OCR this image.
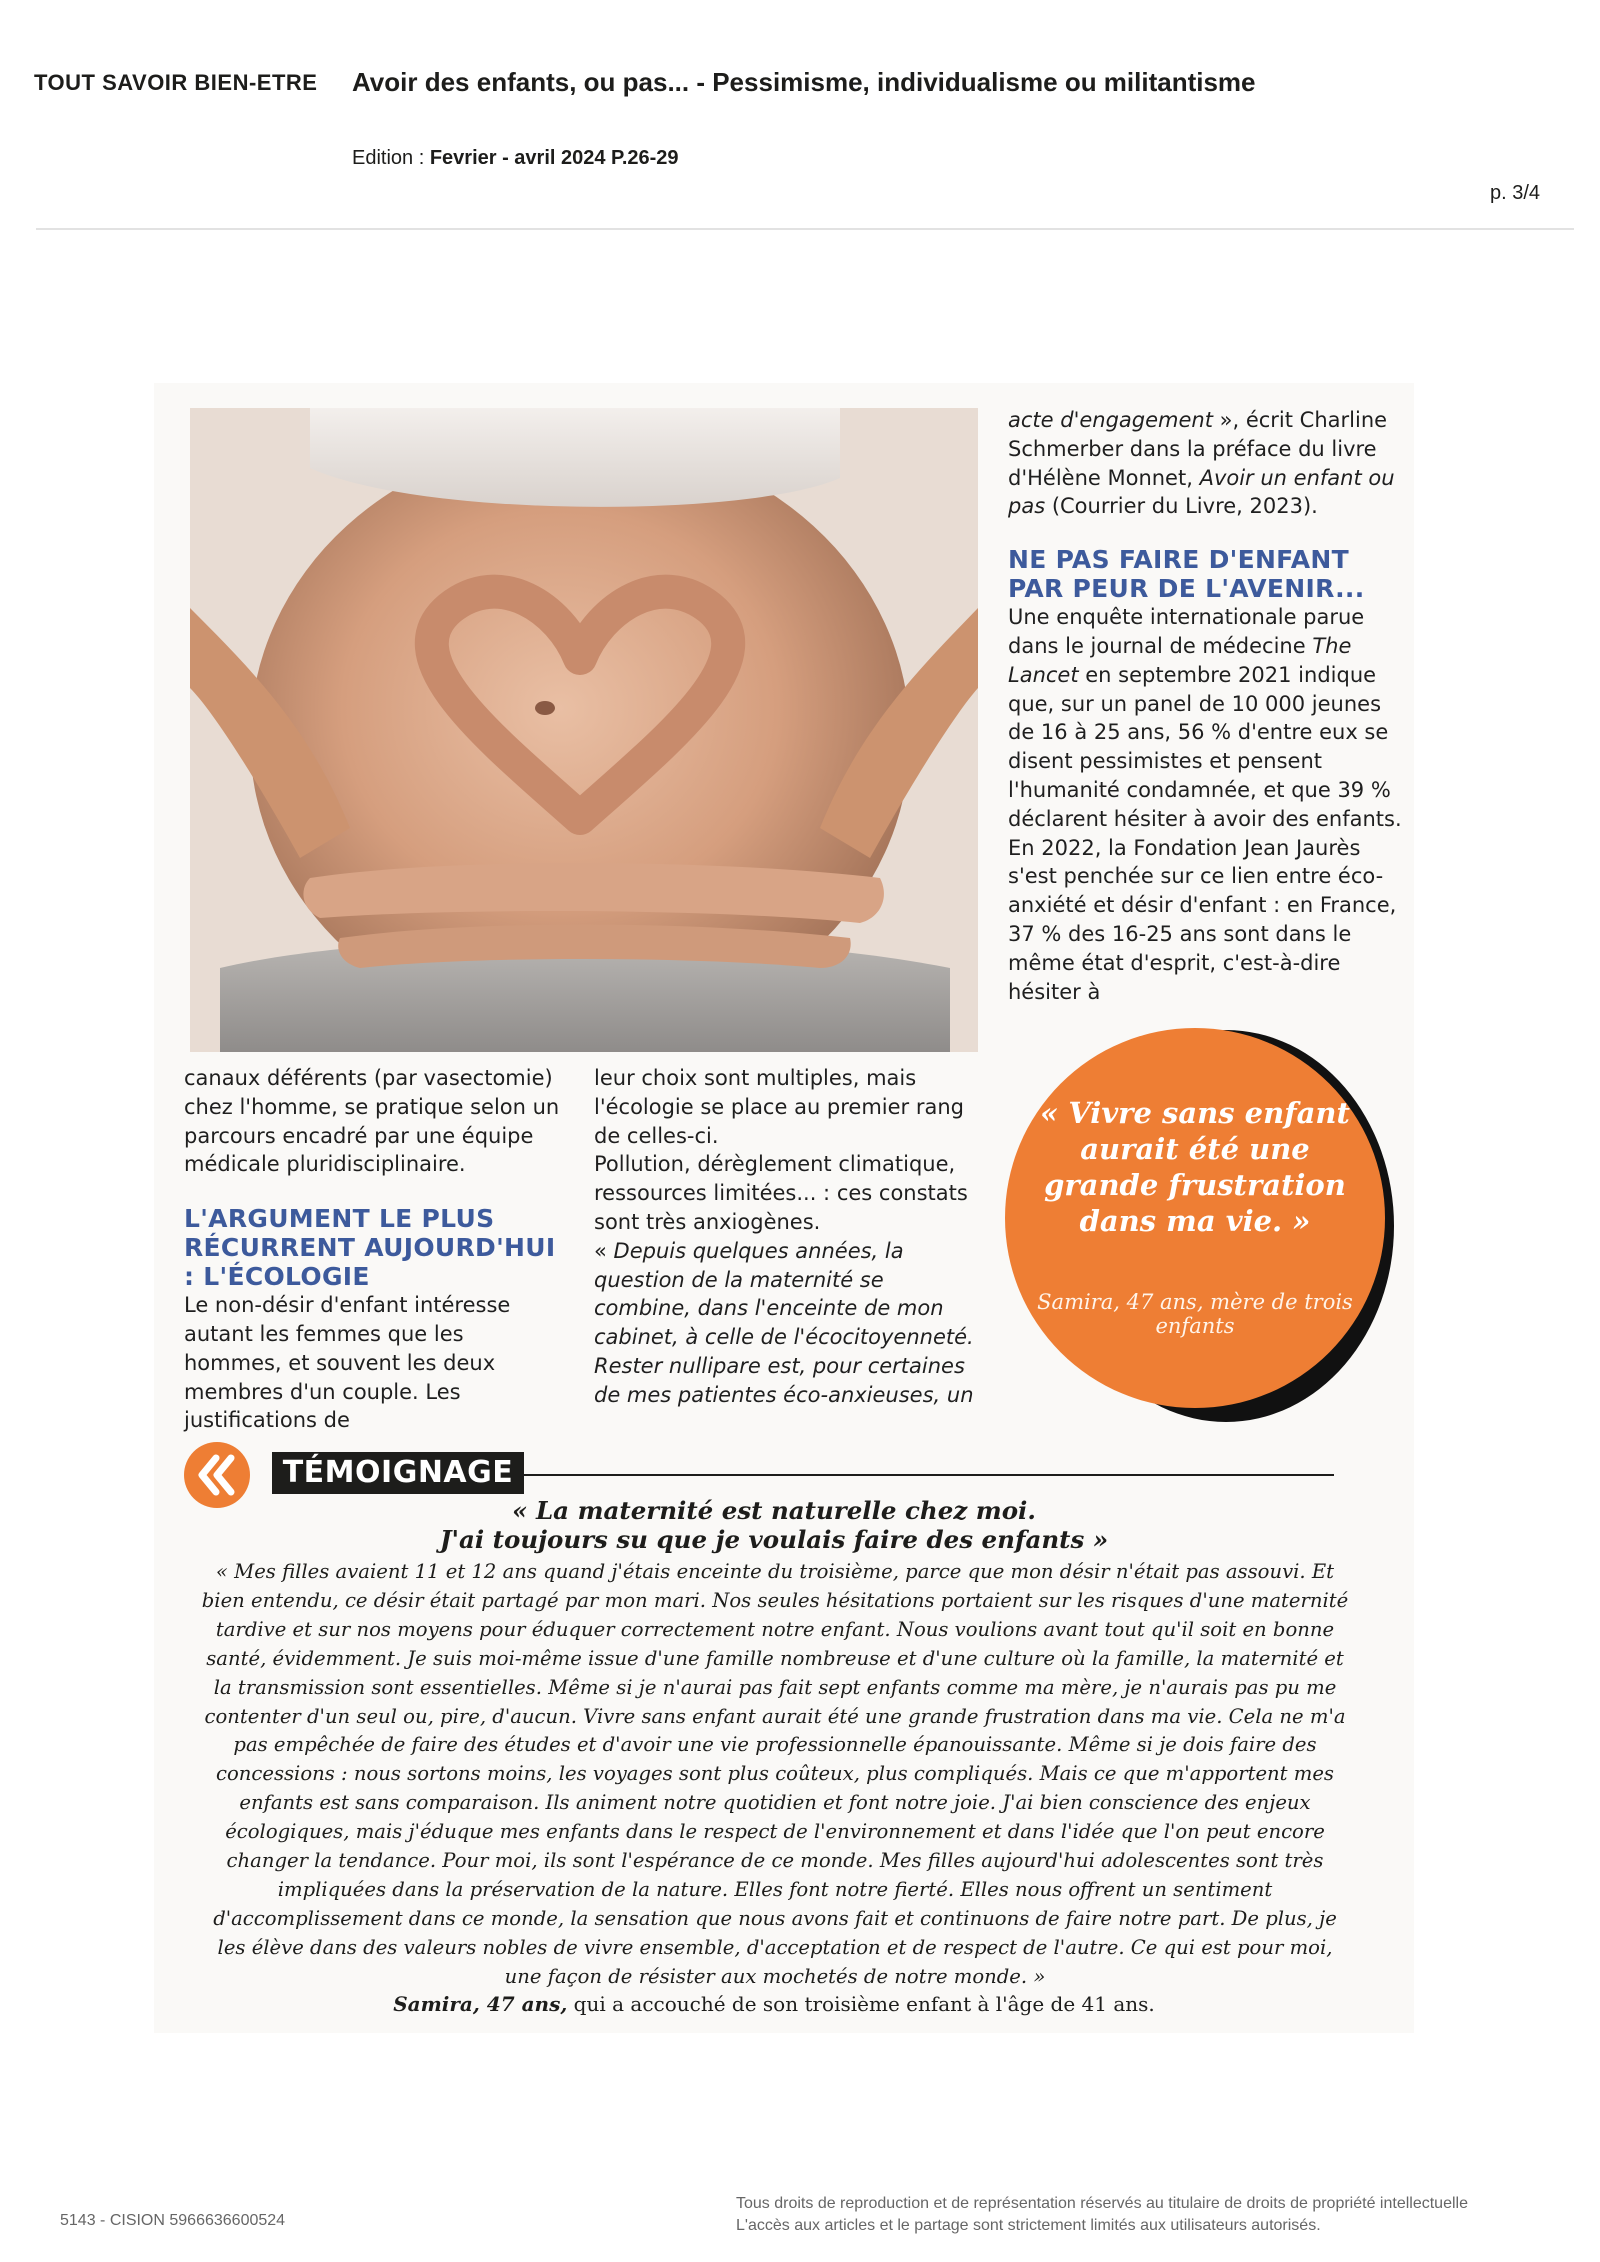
TOUT SAVOIR BIEN-ETRE Avoir des enfants, ou pas... - Pessimisme, individualisme ou militantisme
Edition : Fevrier - avril 2024 P.26-29
p. 3/4

acte d'engagement », écrit Charline Schmerber dans la préface du livre d'Hélène Monnet, Avoir un enfant ou pas (Courrier du Livre, 2023).

NE PAS FAIRE D'ENFANT PAR PEUR DE L'AVENIR...

Une enquête internationale parue dans le journal de médecine The Lancet en septembre 2021 indique que, sur un panel de 10 000 jeunes de 16 à 25 ans, 56 % d'entre eux se disent pessimistes et pensent l'humanité condamnée, et que 39 % déclarent hésiter à avoir des enfants. En 2022, la Fondation Jean Jaurès s'est penchée sur ce lien entre éco-anxiété et désir d'enfant : en France, 37 % des 16-25 ans sont dans le même état d'esprit, c'est-à-dire hésiter à

canaux déférents (par vasectomie) chez l'homme, se pratique selon un parcours encadré par une équipe médicale pluridisciplinaire.

L'ARGUMENT LE PLUS RÉCURRENT AUJOURD'HUI : L'ÉCOLOGIE

Le non-désir d'enfant intéresse autant les femmes que les hommes, et souvent les deux membres d'un couple. Les justifications de

leur choix sont multiples, mais l'écologie se place au premier rang de celles-ci.

Pollution, dérèglement climatique, ressources limitées... : ces constats sont très anxiogènes.

« Depuis quelques années, la question de la maternité se combine, dans l'enceinte de mon cabinet, à celle de l'écocitoyenneté. Rester nullipare est, pour certaines de mes patientes éco-anxieuses, un

« Vivre sans enfant aurait été une grande frustration dans ma vie. »
Samira, 47 ans, mère de trois enfants
TÉMOIGNAGE
« La maternité est naturelle chez moi.
J'ai toujours su que je voulais faire des enfants »
« Mes filles avaient 11 et 12 ans quand j'étais enceinte du troisième, parce que mon désir n'était pas assouvi. Et bien entendu, ce désir était partagé par mon mari. Nos seules hésitations portaient sur les risques d'une maternité tardive et sur nos moyens pour éduquer correctement notre enfant. Nous voulions avant tout qu'il soit en bonne santé, évidemment. Je suis moi-même issue d'une famille nombreuse et d'une culture où la famille, la maternité et la transmission sont essentielles. Même si je n'aurai pas fait sept enfants comme ma mère, je n'aurais pas pu me contenter d'un seul ou, pire, d'aucun. Vivre sans enfant aurait été une grande frustration dans ma vie. Cela ne m'a pas empêchée de faire des études et d'avoir une vie professionnelle épanouissante. Même si je dois faire des concessions : nous sortons moins, les voyages sont plus coûteux, plus compliqués. Mais ce que m'apportent mes enfants est sans comparaison. Ils animent notre quotidien et font notre joie. J'ai bien conscience des enjeux écologiques, mais j'éduque mes enfants dans le respect de l'environnement et dans l'idée que l'on peut encore changer la tendance. Pour moi, ils sont l'espérance de ce monde. Mes filles aujourd'hui adolescentes sont très impliquées dans la préservation de la nature. Elles font notre fierté. Elles nous offrent un sentiment d'accomplissement dans ce monde, la sensation que nous avons fait et continuons de faire notre part. De plus, je les élève dans des valeurs nobles de vivre ensemble, d'acceptation et de respect de l'autre. Ce qui est pour moi, une façon de résister aux mochetés de notre monde. »
Samira, 47 ans, qui a accouché de son troisième enfant à l'âge de 41 ans.
5143 - CISION 5966636600524
Tous droits de reproduction et de représentation réservés au titulaire de droits de propriété intellectuelle
L'accès aux articles et le partage sont strictement limités aux utilisateurs autorisés.
